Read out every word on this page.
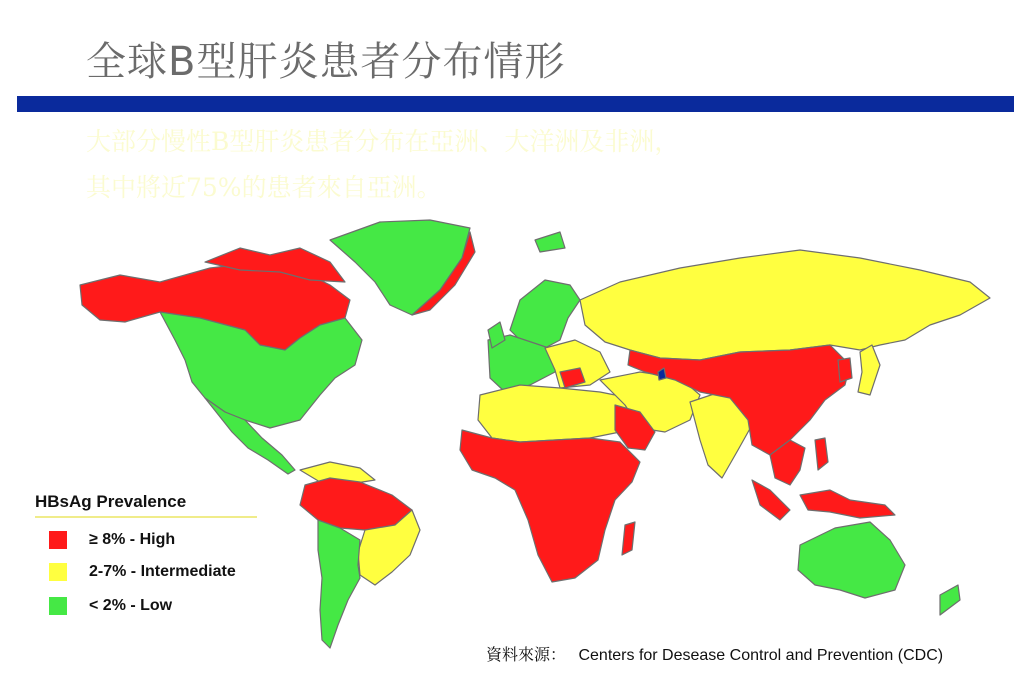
全球B型肝炎患者分布情形
大部分慢性B型肝炎患者分布在亞洲、大洋洲及非洲，
其中將近75%的患者來自亞洲。
HBsAg Prevalence
≥ 8% - High
2-7% - Intermediate
< 2% - Low
資料來源： Centers for Desease Control and Prevention (CDC)
